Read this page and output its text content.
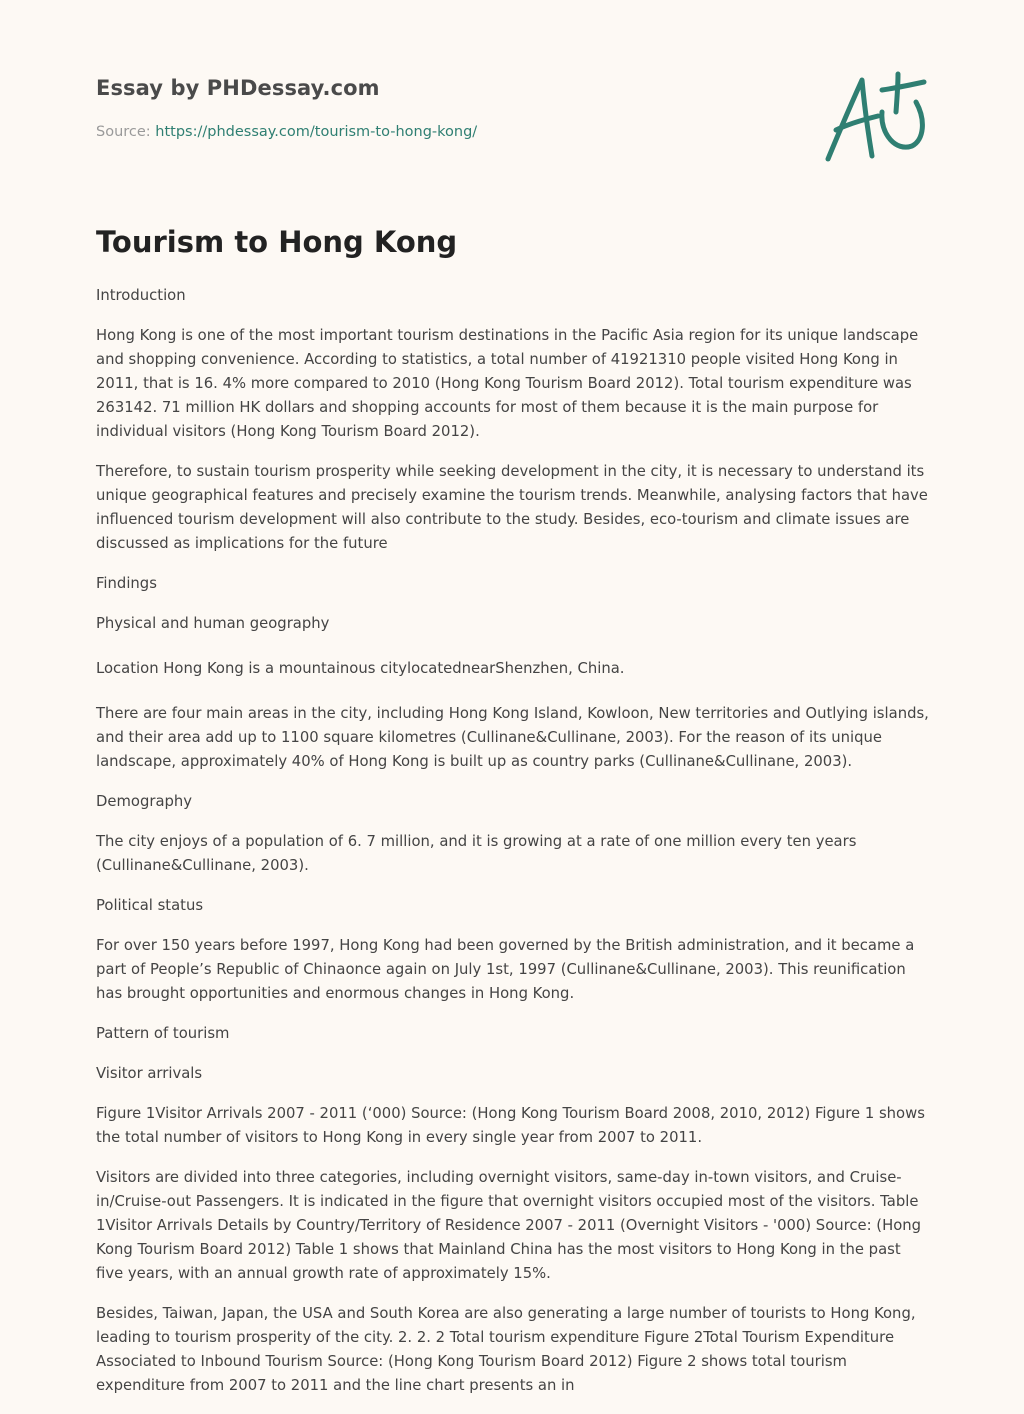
Essay by PHDessay.com

Source: https://phdessay.com/tourism-to-hong-kong/

Tourism to Hong Kong

Introduction

Hong Kong is one of the most important tourism destinations in the Pacific Asia region for its unique landscape and shopping convenience. According to statistics, a total number of 41921310 people visited Hong Kong in 2011, that is 16. 4% more compared to 2010 (Hong Kong Tourism Board 2012). Total tourism expenditure was 263142. 71 million HK dollars and shopping accounts for most of them because it is the main purpose for individual visitors (Hong Kong Tourism Board 2012).

Therefore, to sustain tourism prosperity while seeking development in the city, it is necessary to understand its unique geographical features and precisely examine the tourism trends. Meanwhile, analysing factors that have influenced tourism development will also contribute to the study. Besides, eco-tourism and climate issues are discussed as implications for the future

Findings

Physical and human geography

Location Hong Kong is a mountainous citylocatednearShenzhen, China.

There are four main areas in the city, including Hong Kong Island, Kowloon, New territories and Outlying islands, and their area add up to 1100 square kilometres (Cullinane&Cullinane, 2003). For the reason of its unique landscape, approximately 40% of Hong Kong is built up as country parks (Cullinane&Cullinane, 2003).

Demography

The city enjoys of a population of 6. 7 million, and it is growing at a rate of one million every ten years (Cullinane&Cullinane, 2003).

Political status

For over 150 years before 1997, Hong Kong had been governed by the British administration, and it became a part of People’s Republic of Chinaonce again on July 1st, 1997 (Cullinane&Cullinane, 2003). This reunification has brought opportunities and enormous changes in Hong Kong.

Pattern of tourism

Visitor arrivals

Figure 1Visitor Arrivals 2007 - 2011 (‘000) Source: (Hong Kong Tourism Board 2008, 2010, 2012) Figure 1 shows the total number of visitors to Hong Kong in every single year from 2007 to 2011.

Visitors are divided into three categories, including overnight visitors, same-day in-town visitors, and Cruise-in/Cruise-out Passengers. It is indicated in the figure that overnight visitors occupied most of the visitors. Table 1Visitor Arrivals Details by Country/Territory of Residence 2007 - 2011 (Overnight Visitors - '000) Source: (Hong Kong Tourism Board 2012) Table 1 shows that Mainland China has the most visitors to Hong Kong in the past five years, with an annual growth rate of approximately 15%.

Besides, Taiwan, Japan, the USA and South Korea are also generating a large number of tourists to Hong Kong, leading to tourism prosperity of the city. 2. 2. 2 Total tourism expenditure Figure 2Total Tourism Expenditure Associated to Inbound Tourism Source: (Hong Kong Tourism Board 2012) Figure 2 shows total tourism expenditure from 2007 to 2011 and the line chart presents an in
